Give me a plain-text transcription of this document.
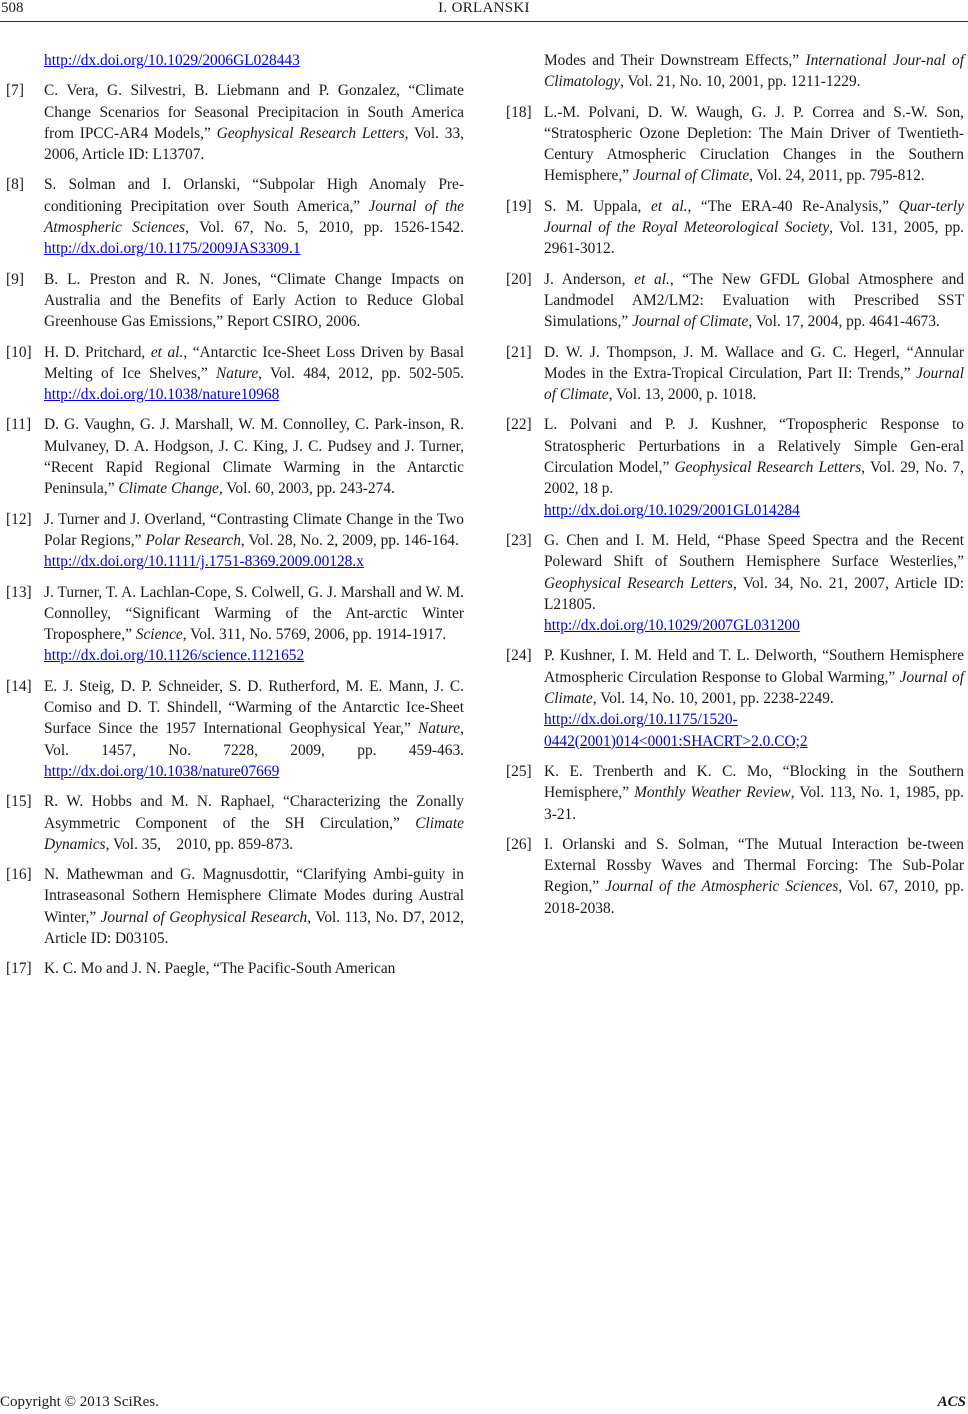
508	I. ORLANSKI
http://dx.doi.org/10.1029/2006GL028443
[7] C. Vera, G. Silvestri, B. Liebmann and P. Gonzalez, “Climate Change Scenarios for Seasonal Precipitacion in South America from IPCC-AR4 Models,” Geophysical Research Letters, Vol. 33, 2006, Article ID: L13707.
[8] S. Solman and I. Orlanski, “Subpolar High Anomaly Pre-conditioning Precipitation over South America,” Journal of the Atmospheric Sciences, Vol. 67, No. 5, 2010, pp. 1526-1542. http://dx.doi.org/10.1175/2009JAS3309.1
[9] B. L. Preston and R. N. Jones, “Climate Change Impacts on Australia and the Benefits of Early Action to Reduce Global Greenhouse Gas Emissions,” Report CSIRO, 2006.
[10] H. D. Pritchard, et al., “Antarctic Ice-Sheet Loss Driven by Basal Melting of Ice Shelves,” Nature, Vol. 484, 2012, pp. 502-505. http://dx.doi.org/10.1038/nature10968
[11] D. G. Vaughn, G. J. Marshall, W. M. Connolley, C. Park-inson, R. Mulvaney, D. A. Hodgson, J. C. King, J. C. Pudsey and J. Turner, “Recent Rapid Regional Climate Warming in the Antarctic Peninsula,” Climate Change, Vol. 60, 2003, pp. 243-274.
[12] J. Turner and J. Overland, “Contrasting Climate Change in the Two Polar Regions,” Polar Research, Vol. 28, No. 2, 2009, pp. 146-164.
http://dx.doi.org/10.1111/j.1751-8369.2009.00128.x
[13] J. Turner, T. A. Lachlan-Cope, S. Colwell, G. J. Marshall and W. M. Connolley, “Significant Warming of the Ant-arctic Winter Troposphere,” Science, Vol. 311, No. 5769, 2006, pp. 1914-1917.
http://dx.doi.org/10.1126/science.1121652
[14] E. J. Steig, D. P. Schneider, S. D. Rutherford, M. E. Mann, J. C. Comiso and D. T. Shindell, “Warming of the Antarctic Ice-Sheet Surface Since the 1957 International Geophysical Year,” Nature, Vol. 1457, No. 7228, 2009, pp. 459-463. http://dx.doi.org/10.1038/nature07669
[15] R. W. Hobbs and M. N. Raphael, “Characterizing the Zonally Asymmetric Component of the SH Circulation,” Climate Dynamics, Vol. 35,    2010, pp. 859-873.
[16] N. Mathewman and G. Magnusdottir, “Clarifying Ambi-guity in Intraseasonal Sothern Hemisphere Climate Modes during Austral Winter,” Journal of Geophysical Research, Vol. 113, No. D7, 2012, Article ID: D03105.
[17] K. C. Mo and J. N. Paegle, “The Pacific-South American
Modes and Their Downstream Effects,” International Jour-nal of Climatology, Vol. 21, No. 10, 2001, pp. 1211-1229.
[18] L.-M. Polvani, D. W. Waugh, G. J. P. Correa and S.-W. Son, “Stratospheric Ozone Depletion: The Main Driver of Twentieth-Century Atmospheric Ciruclation Changes in the Southern Hemisphere,” Journal of Climate, Vol. 24, 2011, pp. 795-812.
[19] S. M. Uppala, et al., “The ERA-40 Re-Analysis,” Quar-terly Journal of the Royal Meteorological Society, Vol. 131, 2005, pp. 2961-3012.
[20] J. Anderson, et al., “The New GFDL Global Atmosphere and Landmodel AM2/LM2: Evaluation with Prescribed SST Simulations,” Journal of Climate, Vol. 17, 2004, pp. 4641-4673.
[21] D. W. J. Thompson, J. M. Wallace and G. C. Hegerl, “Annular Modes in the Extra-Tropical Circulation, Part II: Trends,” Journal of Climate, Vol. 13, 2000, p. 1018.
[22] L. Polvani and P. J. Kushner, “Tropospheric Response to Stratospheric Perturbations in a Relatively Simple Gen-eral Circulation Model,” Geophysical Research Letters, Vol. 29, No. 7, 2002, 18 p.
http://dx.doi.org/10.1029/2001GL014284
[23] G. Chen and I. M. Held, “Phase Speed Spectra and the Recent Poleward Shift of Southern Hemisphere Surface Westerlies,” Geophysical Research Letters, Vol. 34, No. 21, 2007, Article ID: L21805.
http://dx.doi.org/10.1029/2007GL031200
[24] P. Kushner, I. M. Held and T. L. Delworth, “Southern Hemisphere Atmospheric Circulation Response to Global Warming,” Journal of Climate, Vol. 14, No. 10, 2001, pp. 2238-2249.
http://dx.doi.org/10.1175/1520-0442(2001)014<0001:SHACRT>2.0.CO;2
[25] K. E. Trenberth and K. C. Mo, “Blocking in the Southern Hemisphere,” Monthly Weather Review, Vol. 113, No. 1, 1985, pp. 3-21.
[26] I. Orlanski and S. Solman, “The Mutual Interaction be-tween External Rossby Waves and Thermal Forcing: The Sub-Polar Region,” Journal of the Atmospheric Sciences, Vol. 67, 2010, pp. 2018-2038.
Copyright © 2013 SciRes.	ACS
